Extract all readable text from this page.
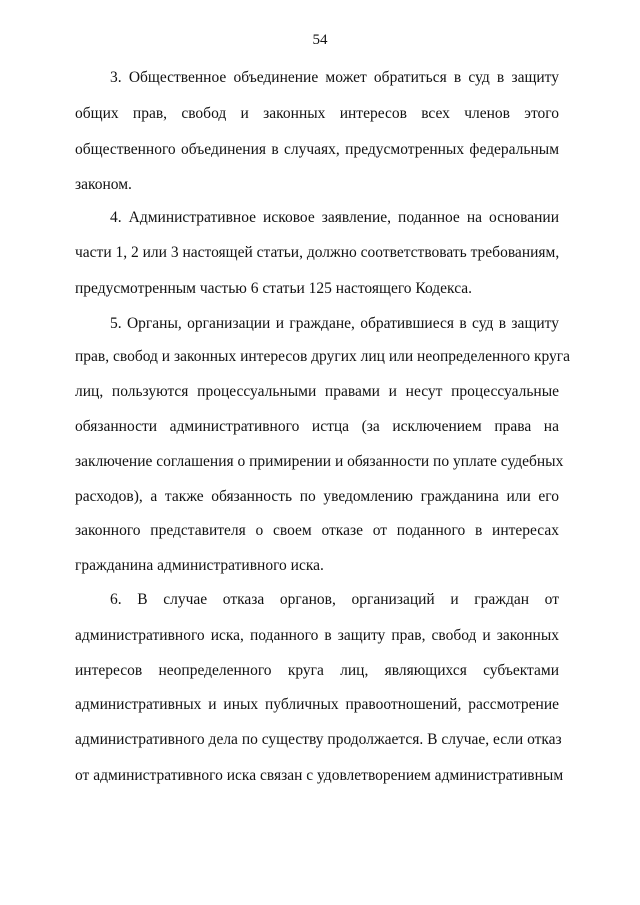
54
3. Общественное объединение может обратиться в суд в защиту
общих прав, свобод и законных интересов всех членов этого
общественного объединения в случаях, предусмотренных федеральным
законом.
4. Административное исковое заявление, поданное на основании
части 1, 2 или 3 настоящей статьи, должно соответствовать требованиям,
предусмотренным частью 6 статьи 125 настоящего Кодекса.
5. Органы, организации и граждане, обратившиеся в суд в защиту
прав, свобод и законных интересов других лиц или неопределенного круга
лиц, пользуются процессуальными правами и несут процессуальные
обязанности административного истца (за исключением права на
заключение соглашения о примирении и обязанности по уплате судебных
расходов), а также обязанность по уведомлению гражданина или его
законного представителя о своем отказе от поданного в интересах
гражданина административного иска.
6. В случае отказа органов, организаций и граждан от
административного иска, поданного в защиту прав, свобод и законных
интересов неопределенного круга лиц, являющихся субъектами
административных и иных публичных правоотношений, рассмотрение
административного дела по существу продолжается. В случае, если отказ
от административного иска связан с удовлетворением административным
